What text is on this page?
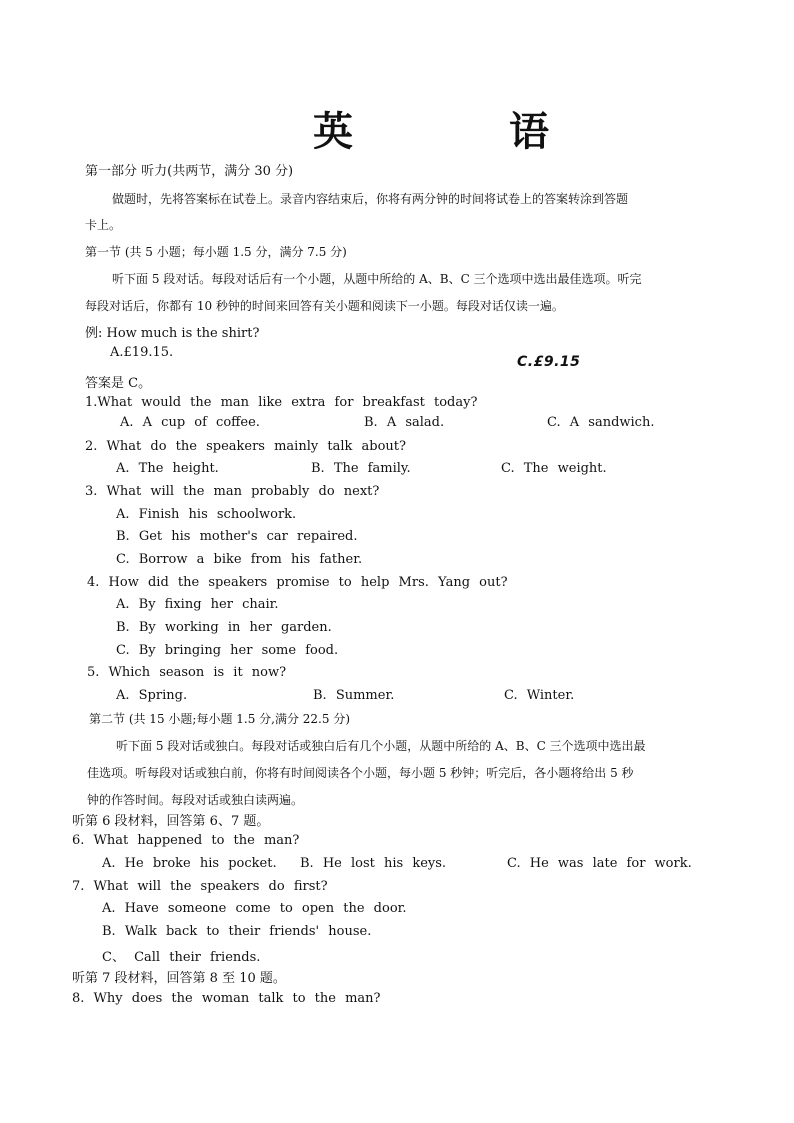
英　语
第一部分 听力(共两节，满分 30 分)
做题时，先将答案标在试卷上。录音内容结束后，你将有两分钟的时间将试卷上的答案转涂到答题
卡上。
第一节 (共 5 小题；每小题 1.5 分，满分 7.5 分)
听下面 5 段对话。每段对话后有一个小题，从题中所给的 A、B、C 三个选项中选出最佳选项。听完
每段对话后，你都有 10 秒钟的时间来回答有关小题和阅读下一小题。每段对话仅读一遍。
例: How much is the shirt?
A.£19.15.
C.£9.15
答案是 C。
1.What would the man like extra for breakfast today?
A. A cup of coffee.	B. A salad.	C. A sandwich.
2. What do the speakers mainly talk about?
A. The height.	B. The family.	C. The weight.
3. What will the man probably do next?
A. Finish his schoolwork.
B. Get his mother's car repaired.
C. Borrow a bike from his father.
4. How did the speakers promise to help Mrs. Yang out?
A. By fixing her chair.
B. By working in her garden.
C. By bringing her some food.
5. Which season is it now?
A. Spring.	B. Summer.	C. Winter.
第二节 (共 15 小题;每小题 1.5 分,满分 22.5 分)
听下面 5 段对话或独白。每段对话或独白后有几个小题，从题中所给的 A、B、C 三个选项中选出最
佳选项。听每段对话或独白前，你将有时间阅读各个小题，每小题 5 秒钟；听完后，各小题将给出 5 秒
钟的作答时间。每段对话或独白读两遍。
听第 6 段材料，回答第 6、7 题。
6. What happened to the man?
A. He broke his pocket. B. He lost his keys.	C. He was late for work.
7. What will the speakers do first?
A. Have someone come to open the door.
B. Walk back to their friends' house.
C、 Call their friends.
听第 7 段材料，回答第 8 至 10 题。
8. Why does the woman talk to the man?
